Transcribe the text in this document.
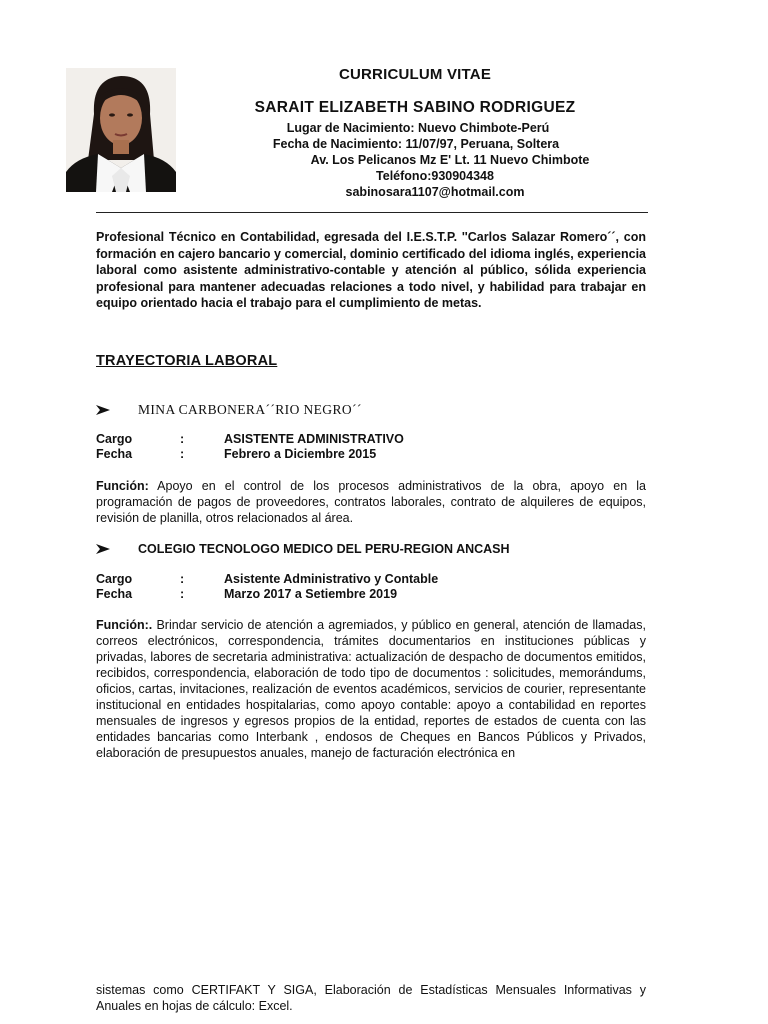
CURRICULUM VITAE
SARAIT ELIZABETH SABINO RODRIGUEZ
Lugar de Nacimiento: Nuevo Chimbote-Perú
Fecha de Nacimiento: 11/07/97, Peruana, Soltera
Av. Los Pelicanos Mz E' Lt. 11 Nuevo Chimbote
Teléfono:930904348
sabinosara1107@hotmail.com

Profesional Técnico en Contabilidad, egresada del I.E.S.T.P. ''Carlos Salazar Romero´´, con formación en cajero bancario y comercial, dominio certificado del idioma inglés, experiencia laboral como asistente administrativo-contable y atención al público, sólida experiencia profesional para mantener adecuadas relaciones a todo nivel, y habilidad para trabajar en equipo orientado hacia el trabajo para el cumplimiento de metas.

TRAYECTORIA LABORAL

MINA CARBONERA´´RIO NEGRO´´
Cargo	:	ASISTENTE ADMINISTRATIVO
Fecha	:	Febrero a Diciembre 2015

Función: Apoyo en el control de los procesos administrativos de la obra, apoyo en la programación de pagos de proveedores, contratos laborales, contrato de alquileres de equipos, revisión de planilla, otros relacionados al área.

COLEGIO TECNOLOGO MEDICO DEL PERU-REGION ANCASH
Cargo	:	Asistente Administrativo y Contable
Fecha	:	Marzo 2017 a Setiembre 2019

Función:. Brindar servicio de atención a agremiados, y público en general, atención de llamadas, correos electrónicos, correspondencia, trámites documentarios en instituciones públicas y privadas, labores de secretaria administrativa: actualización de despacho de documentos emitidos, recibidos, correspondencia, elaboración de todo tipo de documentos : solicitudes, memorándums, oficios, cartas, invitaciones, realización de eventos académicos, servicios de courier, representante institucional en entidades hospitalarias, como apoyo contable: apoyo a contabilidad en reportes mensuales de ingresos y egresos propios de la entidad, reportes de estados de cuenta con las entidades bancarias como Interbank , endosos de Cheques en Bancos Públicos y Privados, elaboración de presupuestos anuales, manejo de facturación electrónica en

sistemas como CERTIFAKT Y SIGA, Elaboración de Estadísticas Mensuales Informativas y Anuales en hojas de cálculo: Excel.
